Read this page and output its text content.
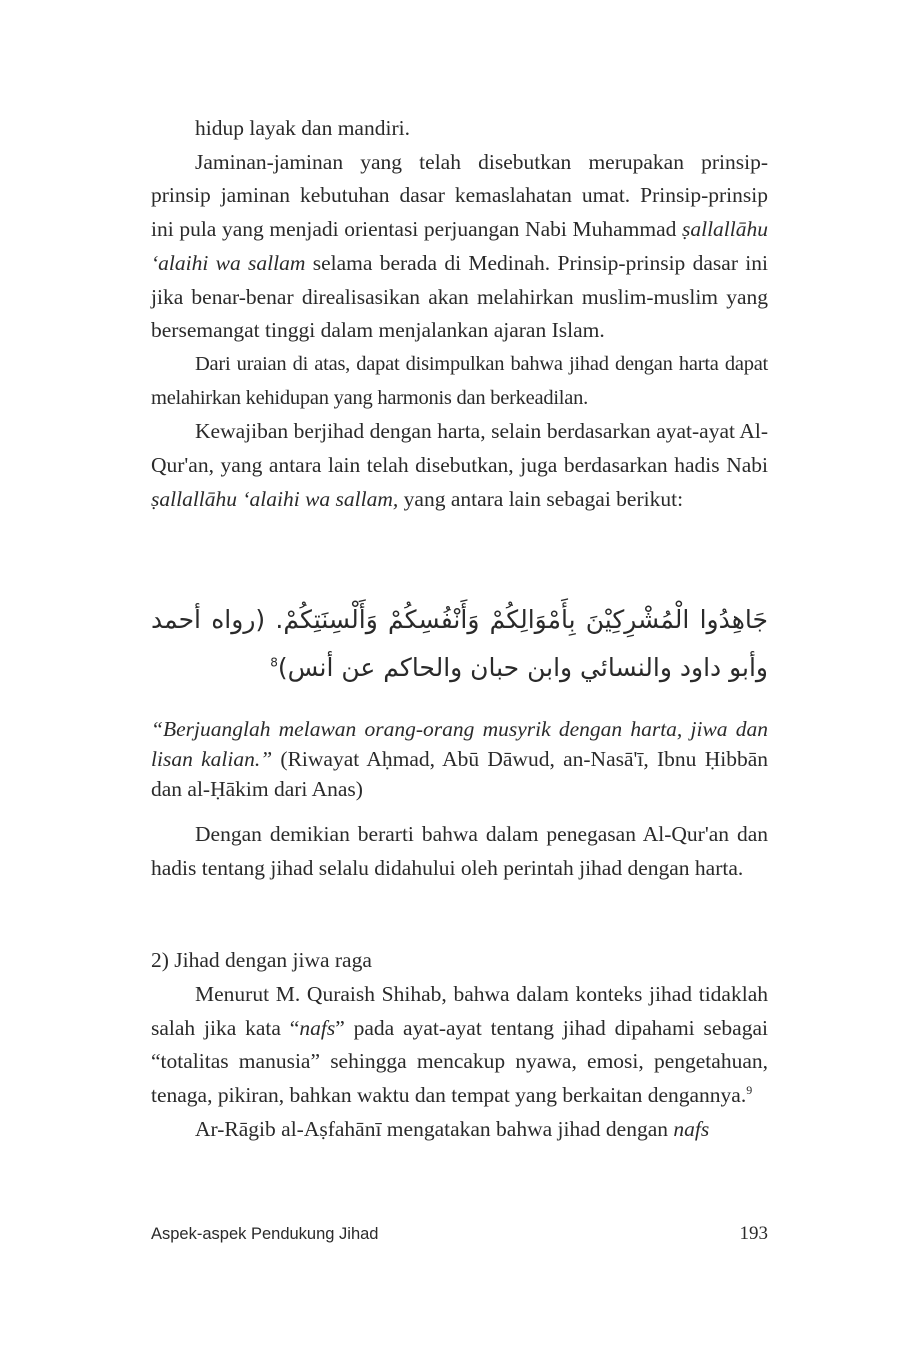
hidup layak dan mandiri.

Jaminan-jaminan yang telah disebutkan merupakan prinsip-prinsip jaminan kebutuhan dasar kemaslahatan umat. Prinsip-prinsip ini pula yang menjadi orientasi perjuangan Nabi Muhammad ṣallallāhu ‘alaihi wa sallam selama berada di Medinah. Prinsip-prinsip dasar ini jika benar-benar direalisasikan akan melahirkan muslim-muslim yang bersemangat tinggi dalam menjalankan ajaran Islam.

Dari uraian di atas, dapat disimpulkan bahwa jihad dengan harta dapat melahirkan kehidupan yang harmonis dan berkeadilan.

Kewajiban berjihad dengan harta, selain berdasarkan ayat-ayat Al-Qur'an, yang antara lain telah disebutkan, juga berdasarkan hadis Nabi ṣallallāhu ‘alaihi wa sallam, yang antara lain sebagai berikut:

جَاهِدُوا الْمُشْرِكِيْنَ بِأَمْوَالِكُمْ وَأَنْفُسِكُمْ وَأَلْسِنَتِكُمْ. (رواه أحمد وأبو داود والنسائي وابن حبان والحاكم عن أنس)$^8$
“Berjuanglah melawan orang-orang musyrik dengan harta, jiwa dan lisan kalian.” (Riwayat Aḥmad, Abū Dāwud, an-Nasā'ī, Ibnu Ḥibbān dan al-Ḥākim dari Anas)

Dengan demikian berarti bahwa dalam penegasan Al-Qur'an dan hadis tentang jihad selalu didahului oleh perintah jihad dengan harta.

2) Jihad dengan jiwa raga

Menurut M. Quraish Shihab, bahwa dalam konteks jihad tidaklah salah jika kata “nafs” pada ayat-ayat tentang jihad dipahami sebagai “totalitas manusia” sehingga mencakup nyawa, emosi, pengetahuan, tenaga, pikiran, bahkan waktu dan tempat yang berkaitan dengannya.$^9$

Ar-Rāgib al-Aṣfahānī mengatakan bahwa jihad dengan nafs

Aspek-aspek Pendukung Jihad	193
